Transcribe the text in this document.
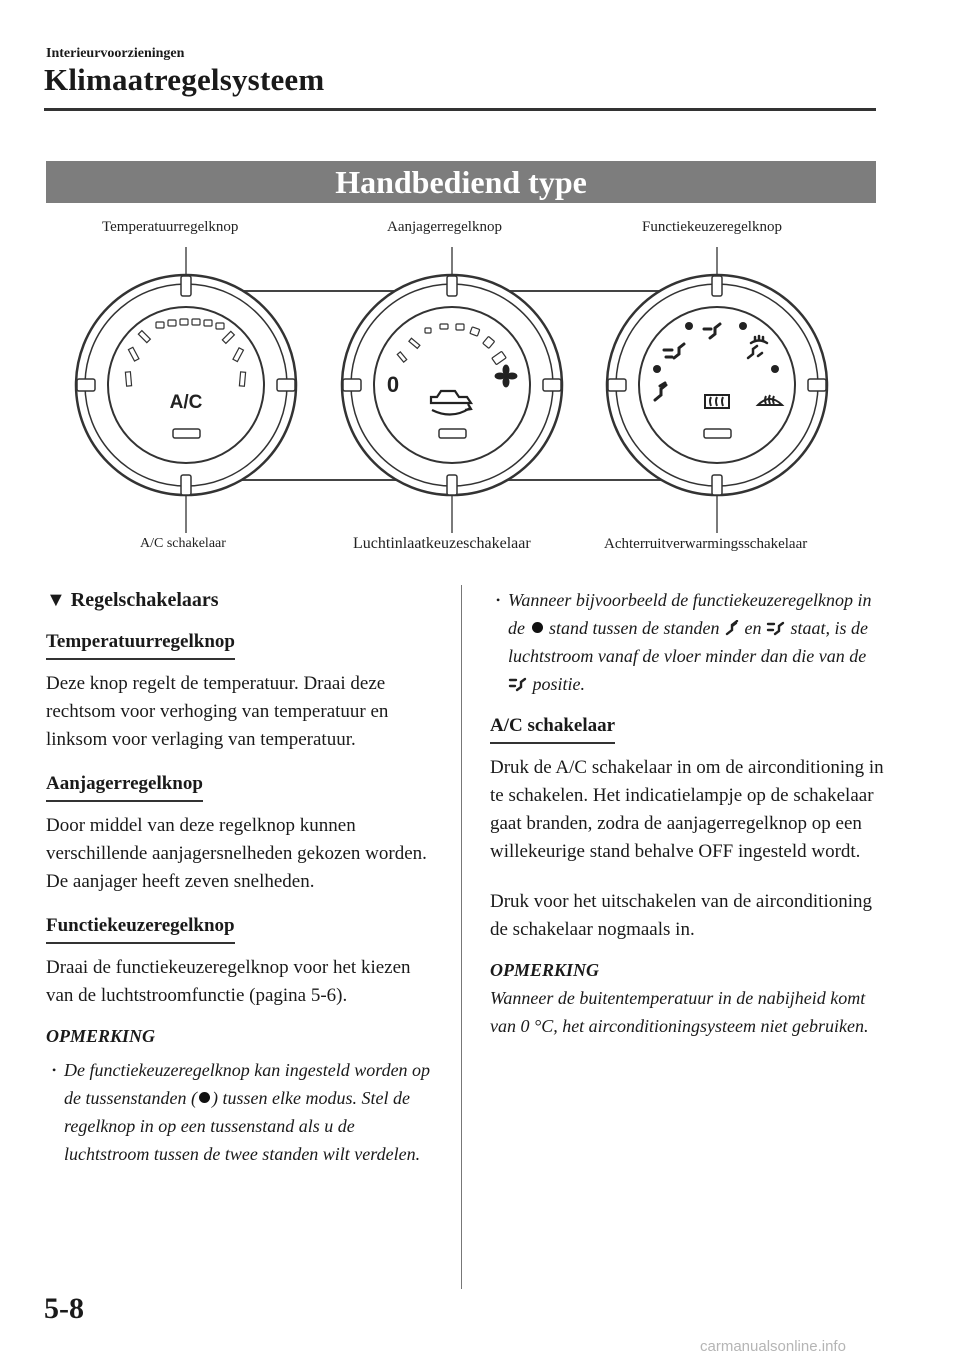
Interieurvoorzieningen
Klimaatregelsysteem
Handbediend type
A/C
0
Temperatuurregelknop	Aanjagerregelknop	Functiekeuzeregelknop
A/C schakelaar	Luchtinlaatkeuzeschakelaar	Achterruitverwarmingsschakelaar
▼ Regelschakelaars
Temperatuurregelknop

Deze knop regelt de temperatuur. Draai deze rechtsom voor verhoging van temperatuur en linksom voor verlaging van temperatuur.

Aanjagerregelknop

Door middel van deze regelknop kunnen verschillende aanjagersnelheden gekozen worden.

De aanjager heeft zeven snelheden.

Functiekeuzeregelknop

Draai de functiekeuzeregelknop voor het kiezen van de luchtstroomfunctie (pagina 5-6).

OPMERKING
• De functiekeuzeregelknop kan ingesteld worden op de tussenstanden ( ) tussen elke modus. Stel de regelknop in op een tussenstand als u de luchtstroom tussen de twee standen wilt verdelen.
• Wanneer bijvoorbeeld de functiekeuzeregelknop in de stand tussen de standen en staat, is de luchtstroom vanaf de vloer minder dan die van de  positie.
A/C schakelaar

Druk de A/C schakelaar in om de airconditioning in te schakelen. Het indicatielampje op de schakelaar gaat branden, zodra de aanjagerregelknop op een willekeurige stand behalve OFF ingesteld wordt.

Druk voor het uitschakelen van de airconditioning de schakelaar nogmaals in.

OPMERKING
Wanneer de buitentemperatuur in de nabijheid komt van 0 °C, het airconditioningsysteem niet gebruiken.
5-8
carmanualsonline.info
